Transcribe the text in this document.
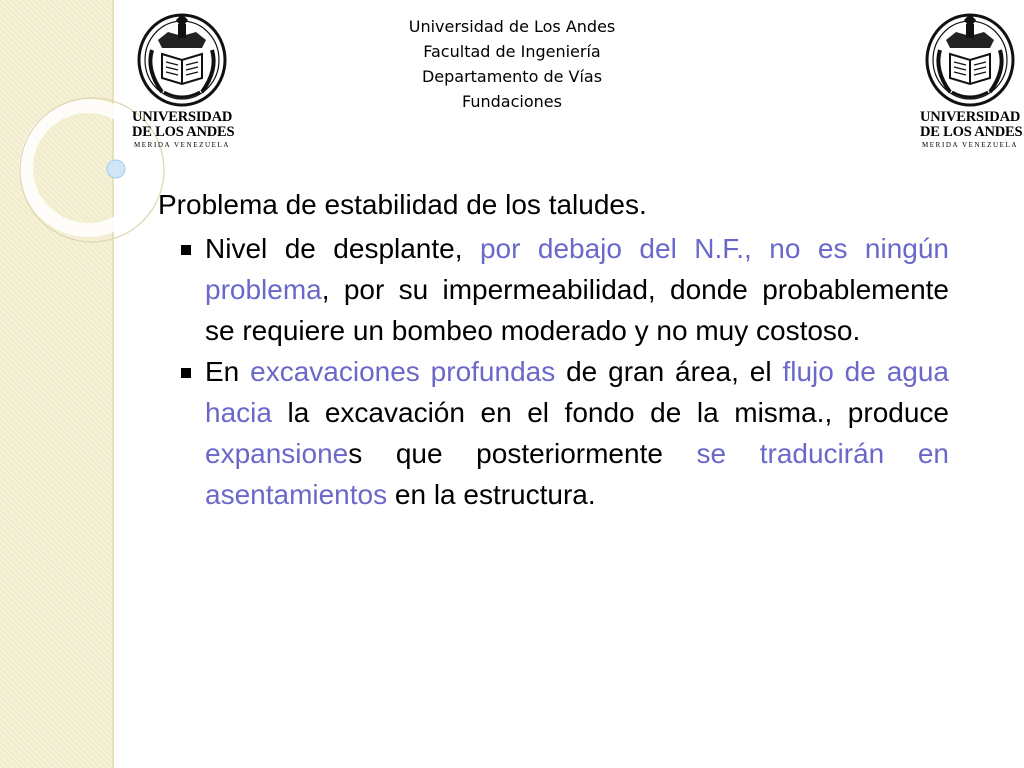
Universidad de Los Andes
Facultad de Ingeniería
Departamento de Vías
Fundaciones
UNIVERSIDAD
DE LOS ANDES
MERIDA VENEZUELA
UNIVERSIDAD
DE LOS ANDES
MERIDA VENEZUELA
Problema de estabilidad de los taludes.
Nivel de desplante, por debajo del N.F., no es ningún problema, por su impermeabilidad, donde probablemente se requiere un bombeo moderado y no muy costoso.
En excavaciones profundas de gran área, el flujo de agua hacia la excavación en el fondo de la misma., produce expansiones que posteriormente se traducirán en asentamientos en la estructura.
